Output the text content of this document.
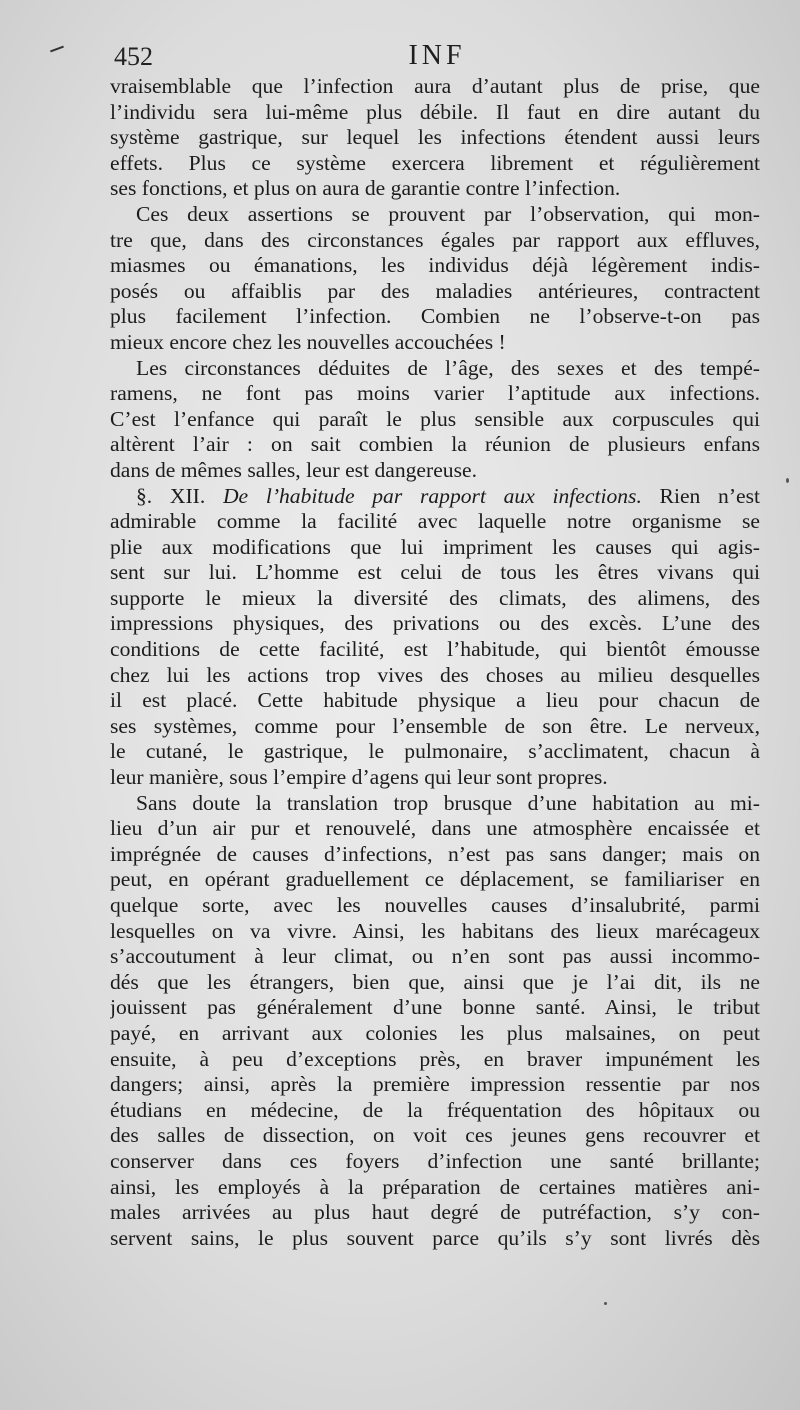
452	INF
vraisemblable que l’infection aura d’autant plus de prise, que
l’individu sera lui-même plus débile. Il faut en dire autant du
système gastrique, sur lequel les infections étendent aussi leurs
effets. Plus ce système exercera librement et régulièrement
ses fonctions, et plus on aura de garantie contre l’infection.
Ces deux assertions se prouvent par l’observation, qui mon-
tre que, dans des circonstances égales par rapport aux effluves,
miasmes ou émanations, les individus déjà légèrement indis-
posés ou affaiblis par des maladies antérieures, contractent
plus facilement l’infection. Combien ne l’observe-t-on pas
mieux encore chez les nouvelles accouchées !
Les circonstances déduites de l’âge, des sexes et des tempé-
ramens, ne font pas moins varier l’aptitude aux infections.
C’est l’enfance qui paraît le plus sensible aux corpuscules qui
altèrent l’air : on sait combien la réunion de plusieurs enfans
dans de mêmes salles, leur est dangereuse.
§. XII. De l’habitude par rapport aux infections. Rien n’est
admirable comme la facilité avec laquelle notre organisme se
plie aux modifications que lui impriment les causes qui agis-
sent sur lui. L’homme est celui de tous les êtres vivans qui
supporte le mieux la diversité des climats, des alimens, des
impressions physiques, des privations ou des excès. L’une des
conditions de cette facilité, est l’habitude, qui bientôt émousse
chez lui les actions trop vives des choses au milieu desquelles
il est placé. Cette habitude physique a lieu pour chacun de
ses systèmes, comme pour l’ensemble de son être. Le nerveux,
le cutané, le gastrique, le pulmonaire, s’acclimatent, chacun à
leur manière, sous l’empire d’agens qui leur sont propres.
Sans doute la translation trop brusque d’une habitation au mi-
lieu d’un air pur et renouvelé, dans une atmosphère encaissée et
imprégnée de causes d’infections, n’est pas sans danger; mais on
peut, en opérant graduellement ce déplacement, se familiariser en
quelque sorte, avec les nouvelles causes d’insalubrité, parmi
lesquelles on va vivre. Ainsi, les habitans des lieux marécageux
s’accoutument à leur climat, ou n’en sont pas aussi incommo-
dés que les étrangers, bien que, ainsi que je l’ai dit, ils ne
jouissent pas généralement d’une bonne santé. Ainsi, le tribut
payé, en arrivant aux colonies les plus malsaines, on peut
ensuite, à peu d’exceptions près, en braver impunément les
dangers; ainsi, après la première impression ressentie par nos
étudians en médecine, de la fréquentation des hôpitaux ou
des salles de dissection, on voit ces jeunes gens recouvrer et
conserver dans ces foyers d’infection une santé brillante;
ainsi, les employés à la préparation de certaines matières ani-
males arrivées au plus haut degré de putréfaction, s’y con-
servent sains, le plus souvent parce qu’ils s’y sont livrés dès
